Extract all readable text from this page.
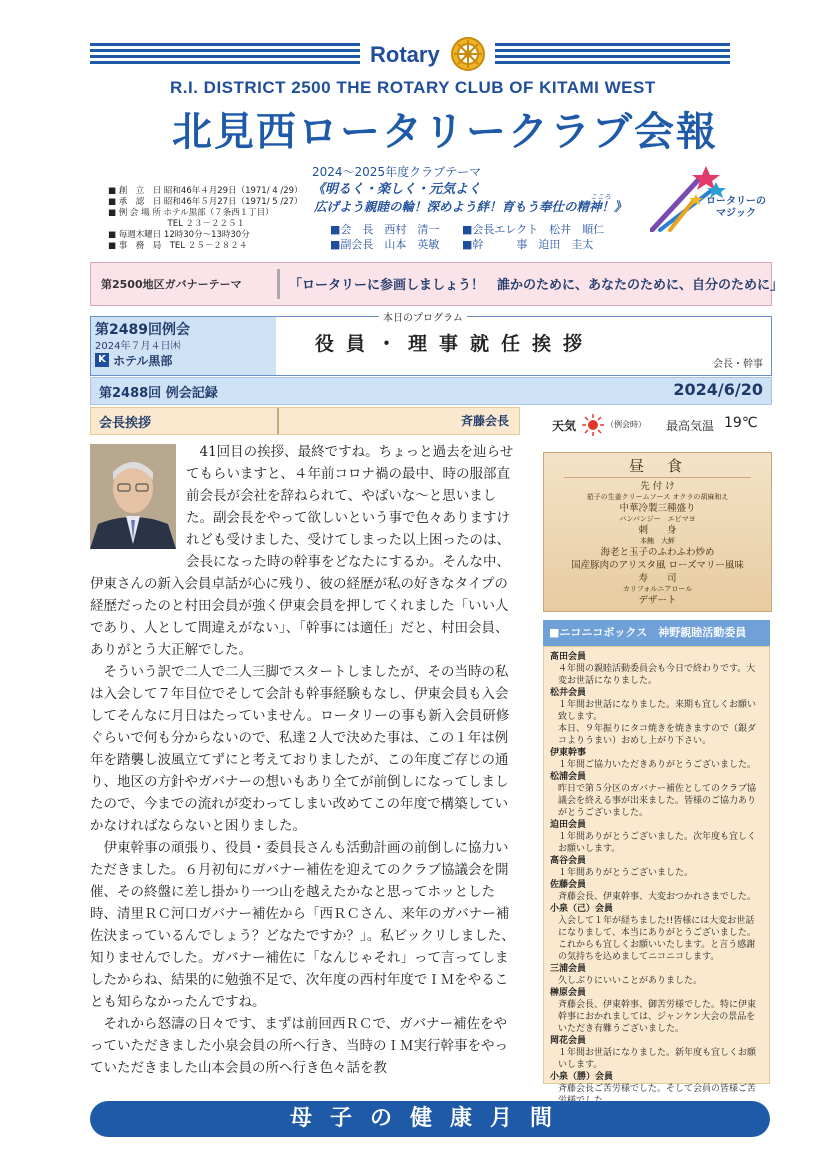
Rotary
R.I. DISTRICT 2500 THE ROTARY CLUB OF KITAMI WEST
北見西ロータリークラブ会報
■ 創　立　日 昭和46年４月29日（1971/ 4 /29）
■ 承　認　日 昭和46年５月27日（1971/ 5 /27）
■ 例 会 場 所 ホテル黒部（７条西１丁目）
　　　　　　　TEL ２３－２２５１
■ 毎週木曜日 12時30分～13時30分
■ 事　務　局　TEL ２５－２８２４
2024～2025年度クラブテーマ
《明るく・楽しく・元気よく
広げよう親睦の輪！深めよう絆！育もう奉仕の精神！》
こころ
■会　長　西村　清一 ■会長エレクト　松井　順仁
■副会長　山本　英敏 ■幹　　　事　迫田　圭太
ロータリーの
マジック
第2500地区ガバナーテーマ	「ロータリーに参画しましょう！　誰かのために、あなたのために、自分のために」
第2489回例会
2024年７月４日㈭
K ホテル黒部
本日のプログラム
役員・理事就任挨拶
会長・幹事
第2488回 例会記録	2024/6/20
会長挨拶	斉藤会長

41回目の挨拶、最終ですね。ちょっと過去を辿らせてもらいますと、４年前コロナ禍の最中、時の服部直前会長が会社を辞ねられて、やばいな～と思いました。副会長をやって欲しいという事で色々ありますけれども受けました、受けてしまった以上困ったのは、会長になった時の幹事をどなたにするか。そんな中、伊東さんの新入会員卓話が心に残り、彼の経歴が私の好きなタイプの経歴だったのと村田会員が強く伊東会員を押してくれました「いい人であり、人として間違えがない」、「幹事には適任」だと、村田会員、ありがとう大正解でした。

そういう訳で二人で二人三脚でスタートしましたが、その当時の私は入会して７年目位でそして会計も幹事経験もなし、伊東会員も入会してそんなに月日はたっていません。ロータリーの事も新入会員研修ぐらいで何も分からないので、私達２人で決めた事は、この１年は例年を踏襲し波風立てずにと考えておりましたが、この年度ご存じの通り、地区の方針やガバナーの想いもあり全てが前倒しになってしましたので、今までの流れが変わってしまい改めてこの年度で構築していかなければならないと困りました。

伊東幹事の頑張り、役員・委員長さんも活動計画の前倒しに協力いただきました。６月初旬にガバナー補佐を迎えてのクラブ協議会を開催、その終盤に差し掛かり一つ山を越えたかなと思ってホッとした時、清里ＲＣ河口ガバナー補佐から「西ＲＣさん、来年のガバナー補佐決まっているんでしょう？どなたですか？」。私ビックリしました、知りませんでした。ガバナー補佐に「なんじゃそれ」って言ってしましたからね、結果的に勉強不足で、次年度の西村年度でＩＭをやることも知らなかったんですね。

それから怒濤の日々です、まずは前回西ＲＣで、ガバナー補佐をやっていただきました小泉会員の所へ行き、当時のＩＭ実行幹事をやっていただきました山本会員の所へ行き色々話を教

天気	（例会時） 最高気温 19℃
昼　食
先 付 け
茄子の生姜クリームソース オクラの胡麻和え
中華冷製三種盛り
バンバンジー　エビマヨ
刺　　身
本鮪　大鮃
海老と玉子のふわふわ炒め
国産豚肉のアリスタ風 ローズマリー風味
寿　　司
カリフォルニアロール
デザート
■ニコニコボックス　神野親睦活動委員
髙田会員
４年間の親睦活動委員会も今日で終わりです。大変お世話になりました。
松井会員
１年間お世話になりました。来期も宜しくお願い致します。
本日、９年振りにタコ焼きを焼きますので（銀ダコよりうまい）おめし上がり下さい。
伊東幹事
１年間ご協力いただきありがとうございました。
松浦会員
昨日で第５分区のガバナー補佐としてのクラブ協議会を終える事が出来ました。皆様のご協力ありがとうございました。
迫田会員
１年間ありがとうございました。次年度も宜しくお願いします。
高谷会員
１年間ありがとうございました。
佐藤会員
斉藤会長、伊東幹事、大変おつかれさまでした。
小泉（己）会員
入会して１年が経ちました!!皆様には大変お世話になりまして、本当にありがとうございました。これからも宜しくお願いいたします。と言う感謝の気持ちを込めましてニコニコします。
三浦会員
久しぶりにいいことがありました。
榊原会員
斉藤会長、伊東幹事、御苦労様でした。特に伊東幹事におかれましては、ジャンケン大会の景品をいただき有難うございました。
岡花会員
１年間お世話になりました。新年度も宜しくお願いします。
小泉（勝）会員
斉藤会長ご苦労様でした。そして会員の皆様ご苦
母子の健康月間
